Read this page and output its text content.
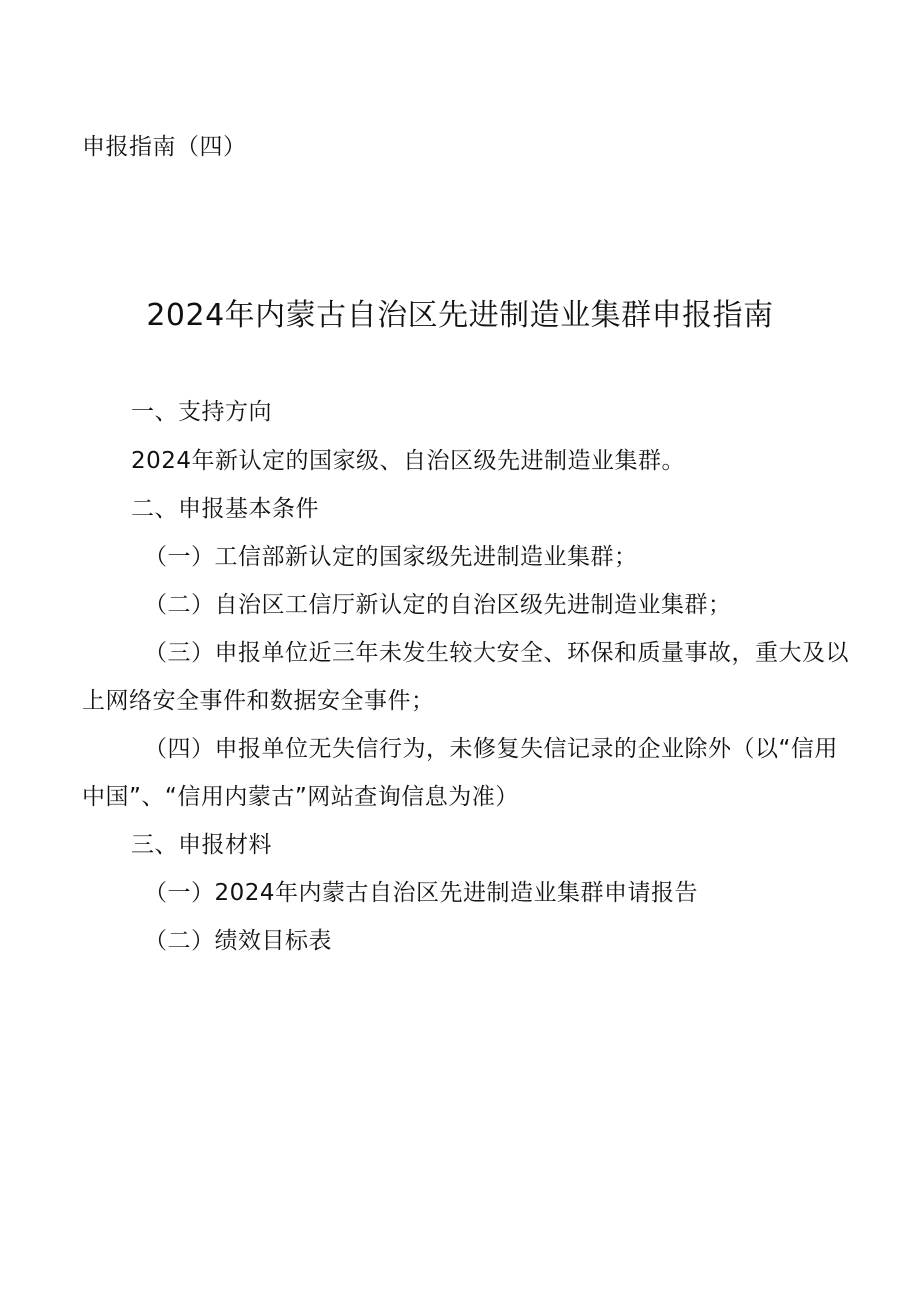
申报指南（四）
2024年内蒙古自治区先进制造业集群申报指南
一、支持方向
2024年新认定的国家级、自治区级先进制造业集群。
二、申报基本条件
（一）工信部新认定的国家级先进制造业集群；
（二）自治区工信厅新认定的自治区级先进制造业集群；
（三）申报单位近三年未发生较大安全、环保和质量事故，重大及以
上网络安全事件和数据安全事件；
（四）申报单位无失信行为，未修复失信记录的企业除外（以“信用
中国”、“信用内蒙古”网站查询信息为准）
三、申报材料
（一）2024年内蒙古自治区先进制造业集群申请报告
（二）绩效目标表
